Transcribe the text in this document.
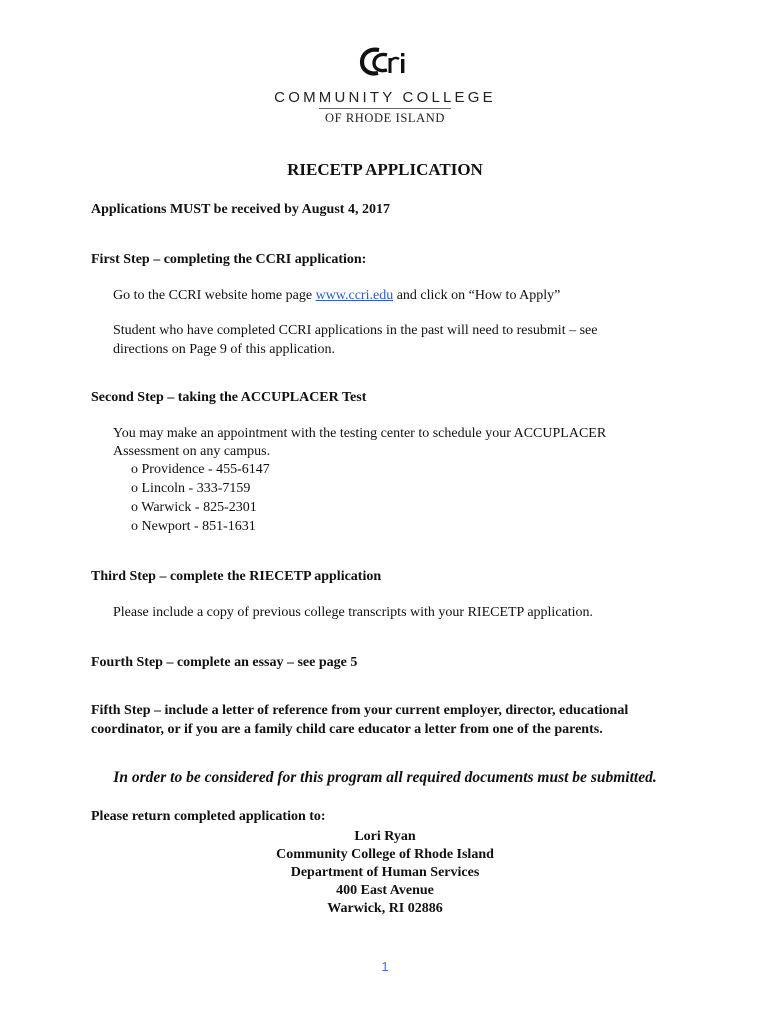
COMMUNITY COLLEGE
OF RHODE ISLAND
RIECETP APPLICATION
Applications MUST be received by August 4, 2017
First Step – completing the CCRI application:
Go to the CCRI website home page www.ccri.edu and click on “How to Apply”
Student who have completed CCRI applications in the past will need to resubmit – see
directions on Page 9 of this application.
Second Step – taking the ACCUPLACER Test
You may make an appointment with the testing center to schedule your ACCUPLACER
Assessment on any campus.
o Providence - 455-6147
o Lincoln - 333-7159
o Warwick - 825-2301
o Newport - 851-1631
Third Step – complete the RIECETP application
Please include a copy of previous college transcripts with your RIECETP application.
Fourth Step – complete an essay – see page 5
Fifth Step – include a letter of reference from your current employer, director, educational
coordinator, or if you are a family child care educator a letter from one of the parents.
In order to be considered for this program all required documents must be submitted.
Please return completed application to:
Lori Ryan
Community College of Rhode Island
Department of Human Services
400 East Avenue
Warwick, RI 02886
1
